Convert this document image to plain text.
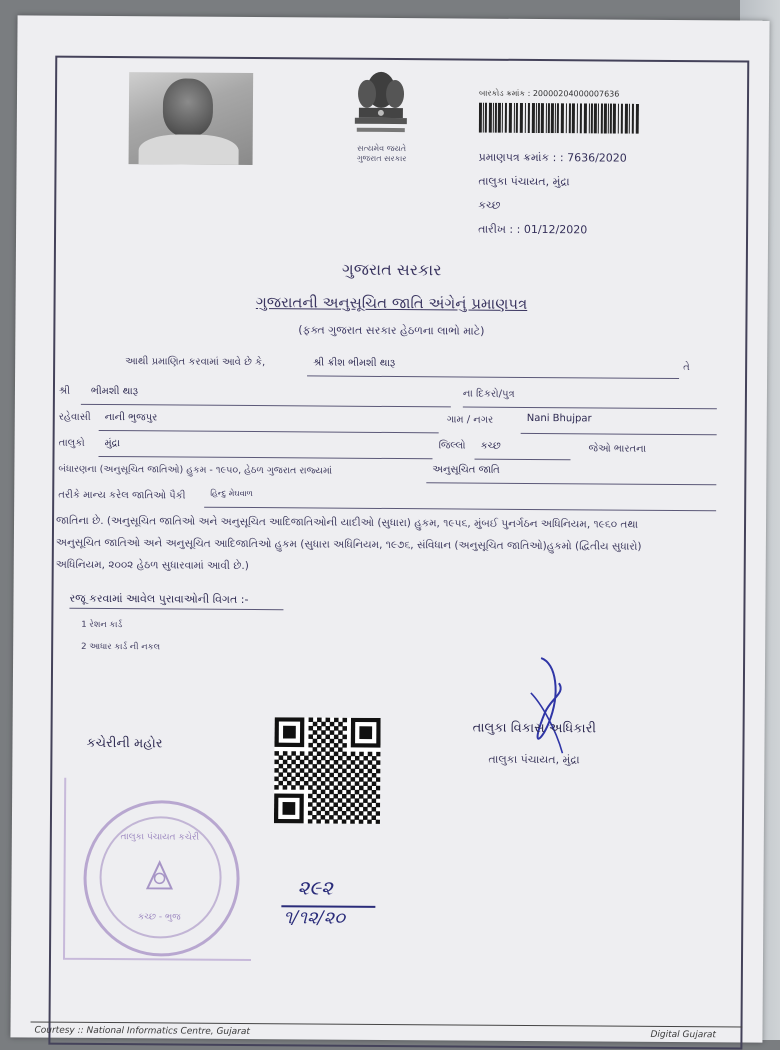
સત્યમેવ જયતે
ગુજરાત સરકાર
બારકોડ ક્રમાંક : 20000204000007636
પ્રમાણપત્ર ક્રમાંક : : 7636/2020
તાલુકા પંચાયત, મુંદ્રા
કચ્છ
તારીખ : : 01/12/2020
ગુજરાત સરકાર
ગુજરાતની અનુસૂચિત જાતિ અંગેનું પ્રમાણપત્ર
(ફક્ત ગુજરાત સરકાર હેઠળના લાભો માટે)
આથી પ્રમાણિત કરવામાં આવે છે કે,	શ્રી ક્રીશ ભીમશી થારૂ	તે
શ્રી ભીમશી થારૂ	ના દિકરો/પુત્ર
રહેવાસી નાની ભુજપુર	ગામ / નગર	Nani Bhujpar
તાલુકો મુંદ્રા	જિલ્લો કચ્છ	જેઓ ભારતના
બંધારણના (અનુસૂચિત જાતિઓ) હુકમ - ૧૯૫૦, હેઠળ ગુજરાત રાજ્યમાં	અનુસૂચિત જાતિ
તરીકે માન્ય કરેલ જાતિઓ પૈકી	હિન્દુ મેઘવાળ
જાતિના છે. (અનુસૂચિત જાતિઓ અને અનુસૂચિત આદિજાતિઓની યાદીઓ (સુધારા) હુકમ, ૧૯૫૬, મુંબઈ પુનર્ગઠન અધિનિયમ, ૧૯૬૦ તથા
અનુસૂચિત જાતિઓ અને અનુસૂચિત આદિજાતિઓ હુકમ (સુધારા અધિનિયમ, ૧૯૭૬, સંવિધાન (અનુસૂચિત જાતિઓ)હુકમો (દ્વિતીય સુધારો)
અધિનિયમ, ૨૦૦૨ હેઠળ સુધારવામાં આવી છે.)
રજૂ કરવામાં આવેલ પુરાવાઓની વિગત :-
1 રેશન કાર્ડ
2 આધાર કાર્ડ ની નકલ
તાલુકા વિકાસ અધિકારી
તાલુકા પંચાયત, મુંદ્રા
કચેરીની મહોર
તાલુકા પંચાયત કચેરી
કચ્છ - ભુજ
૨૯૨
૧/૧૨/૨૦
Courtesy :: National Informatics Centre, Gujarat	Digital Gujarat
